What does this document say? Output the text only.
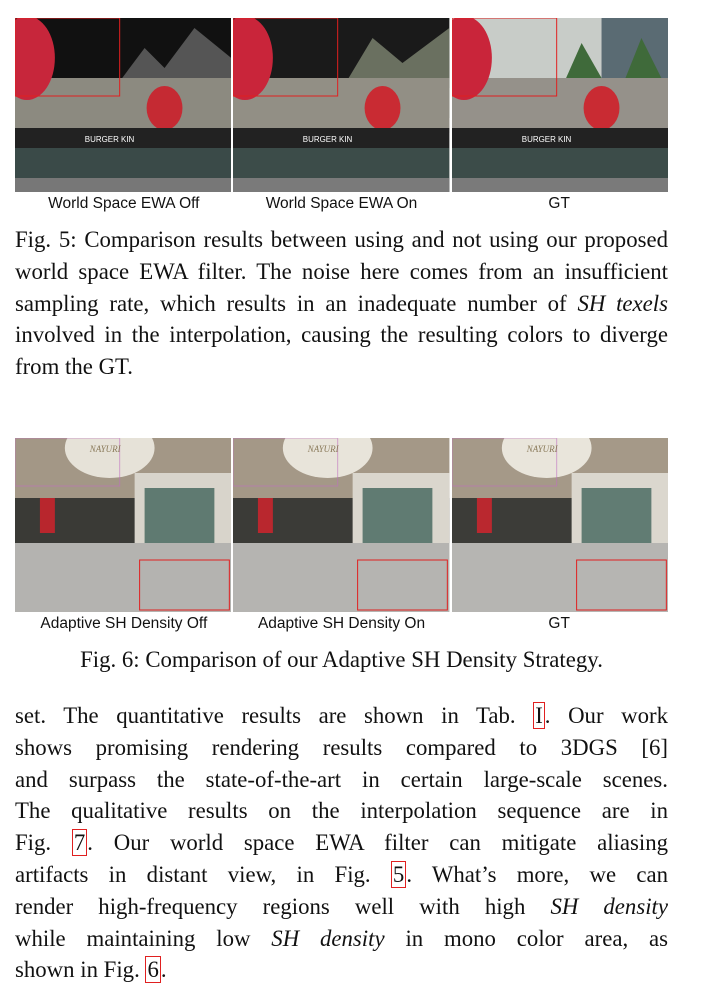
BURGER KIN	BURGER KIN	BURGER KIN
World Space EWA Off	World Space EWA On	GT
Fig. 5: Comparison results between using and not using our proposed world space EWA filter. The noise here comes from an insufficient sampling rate, which results in an inadequate number of SH texels involved in the interpolation, causing the resulting colors to diverge from the GT.
NAYURI	NAYURI	NAYURI
Adaptive SH Density Off	Adaptive SH Density On	GT
Fig. 6: Comparison of our Adaptive SH Density Strategy.
set. The quantitative results are shown in Tab. I. Our work
shows promising rendering results compared to 3DGS [6]
and surpass the state-of-the-art in certain large-scale scenes.
The qualitative results on the interpolation sequence are in
Fig. 7. Our world space EWA filter can mitigate aliasing
artifacts in distant view, in Fig. 5. What’s more, we can
render high-frequency regions well with high SH density
while maintaining low SH density in mono color area, as
shown in Fig. 6.
